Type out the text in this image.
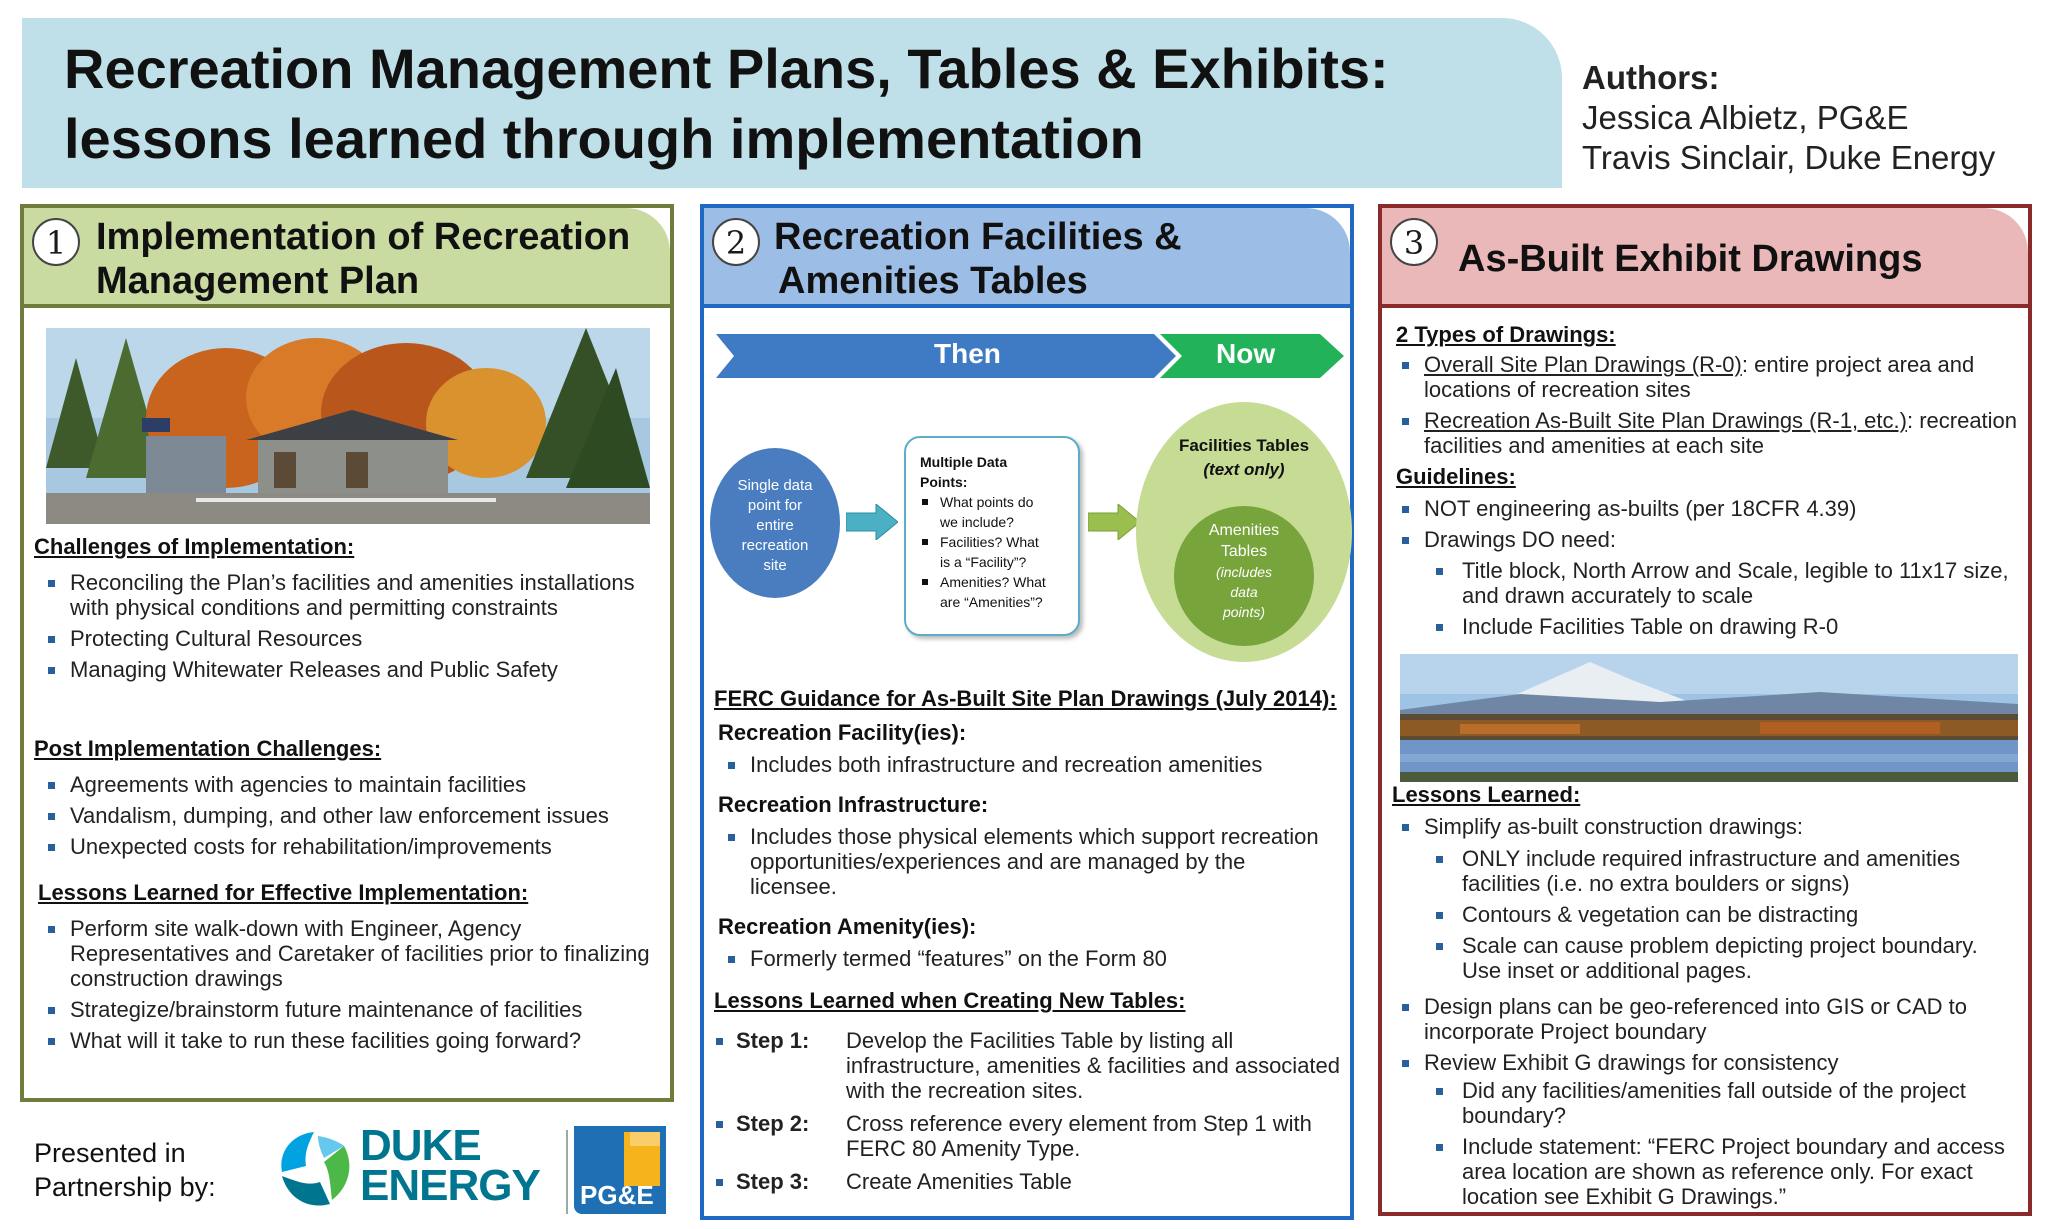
Recreation Management Plans, Tables & Exhibits:
lessons learned through implementation
Authors:
Jessica Albietz, PG&E
Travis Sinclair, Duke Energy
1 Implementation of Recreation
Management Plan
Challenges of Implementation:
Reconciling the Plan’s facilities and amenities installations with physical conditions and permitting constraints
Protecting Cultural Resources
Managing Whitewater Releases and Public Safety
Post Implementation Challenges:
Agreements with agencies to maintain facilities
Vandalism, dumping, and other law enforcement issues
Unexpected costs for rehabilitation/improvements
Lessons Learned for Effective Implementation:
Perform site walk-down with Engineer, Agency Representatives and Caretaker of facilities prior to finalizing construction drawings
Strategize/brainstorm future maintenance of facilities
What will it take to run these facilities going forward?
Presented in
Partnership by:
DUKE
ENERGY PG&E
2 Recreation Facilities &
Amenities Tables
Then	Now
Single data
point for
entire
recreation
site
Multiple Data
Points:
What points do
we include?
Facilities? What
is a “Facility”?
Amenities? What
are “Amenities”?
Facilities Tables
(text only)
Amenities
Tables
(includes
data
points)
FERC Guidance for As-Built Site Plan Drawings (July 2014):
Recreation Facility(ies):
Includes both infrastructure and recreation amenities
Recreation Infrastructure:
Includes those physical elements which support recreation opportunities/experiences and are managed by the licensee.
Recreation Amenity(ies):
Formerly termed “features” on the Form 80
Lessons Learned when Creating New Tables:
Step 1:	Develop the Facilities Table by listing all infrastructure, amenities & facilities and associated with the recreation sites.
Step 2:	Cross reference every element from Step 1 with FERC 80 Amenity Type.
Step 3:	Create Amenities Table
3 As-Built Exhibit Drawings
2 Types of Drawings:
Overall Site Plan Drawings (R-0): entire project area and locations of recreation sites
Recreation As-Built Site Plan Drawings (R-1, etc.): recreation facilities and amenities at each site
Guidelines:
NOT engineering as-builts (per 18CFR 4.39)
Drawings DO need:
Title block, North Arrow and Scale, legible to 11x17 size, and drawn accurately to scale
Include Facilities Table on drawing R-0
Lessons Learned:
Simplify as-built construction drawings:
ONLY include required infrastructure and amenities facilities (i.e. no extra boulders or signs)
Contours & vegetation can be distracting
Scale can cause problem depicting project boundary. Use inset or additional pages.
Design plans can be geo-referenced into GIS or CAD to incorporate Project boundary
Review Exhibit G drawings for consistency
Did any facilities/amenities fall outside of the project boundary?
Include statement: “FERC Project boundary and access area location are shown as reference only. For exact location see Exhibit G Drawings.”
